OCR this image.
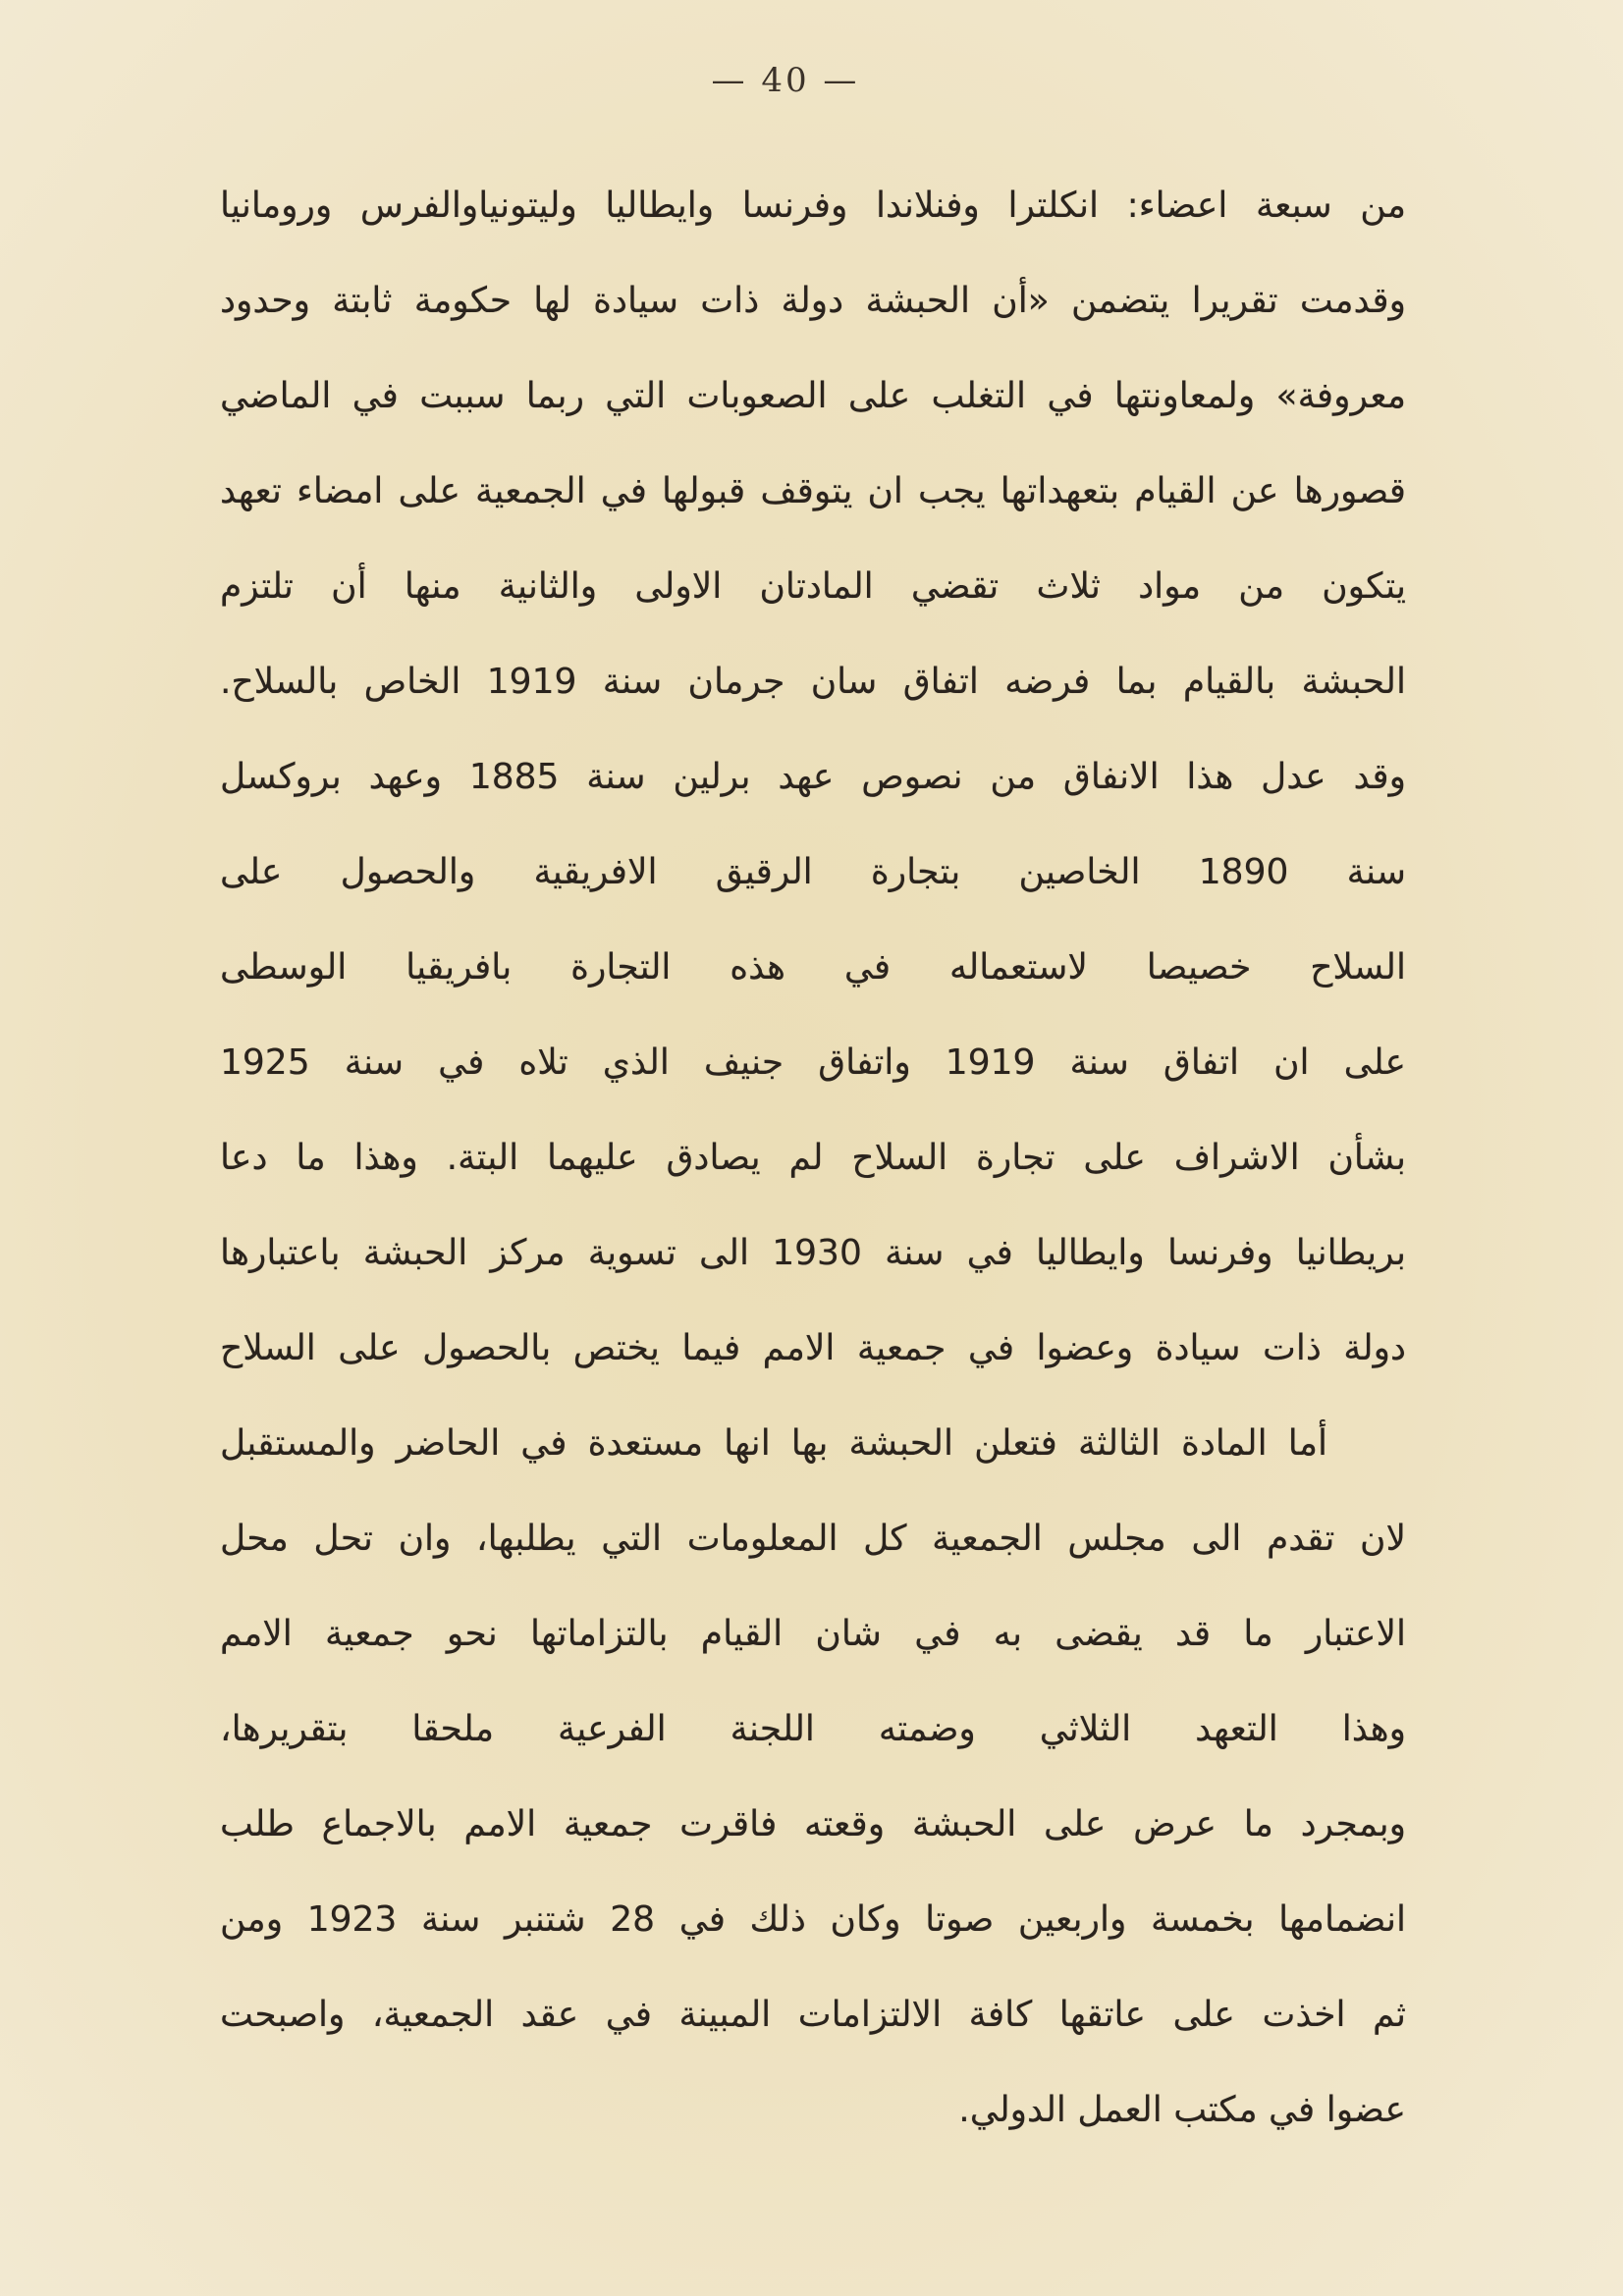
— 40 —
من سبعة اعضاء: انكلترا وفنلاندا وفرنسا وايطاليا وليتونياوالفرس ورومانيا
وقدمت تقريرا يتضمن «أن الحبشة دولة ذات سيادة لها حكومة ثابتة وحدود
معروفة» ولمعاونتها في التغلب على الصعوبات التي ربما سببت في الماضي
قصورها عن القيام بتعهداتها يجب ان يتوقف قبولها في الجمعية على امضاء تعهد
يتكون من مواد ثلاث تقضي المادتان الاولى والثانية منها أن تلتزم
الحبشة بالقيام بما فرضه اتفاق سان جرمان سنة 1919 الخاص بالسلاح.
وقد عدل هذا الانفاق من نصوص عهد برلين سنة 1885 وعهد بروكسل
سنة 1890 الخاصين بتجارة الرقيق الافريقية والحصول على
السلاح خصيصا لاستعماله في هذه التجارة بافريقيا الوسطى
على ان اتفاق سنة 1919 واتفاق جنيف الذي تلاه في سنة 1925
بشأن الاشراف على تجارة السلاح لم يصادق عليهما البتة. وهذا ما دعا
بريطانيا وفرنسا وايطاليا في سنة 1930 الى تسوية مركز الحبشة باعتبارها
دولة ذات سيادة وعضوا في جمعية الامم فيما يختص بالحصول على السلاح
أما المادة الثالثة فتعلن الحبشة بها انها مستعدة في الحاضر والمستقبل
لان تقدم الى مجلس الجمعية كل المعلومات التي يطلبها، وان تحل محل
الاعتبار ما قد يقضى به في شان القيام بالتزاماتها نحو جمعية الامم
وهذا التعهد الثلاثي وضمته اللجنة الفرعية ملحقا بتقريرها،
وبمجرد ما عرض على الحبشة وقعته فاقرت جمعية الامم بالاجماع طلب
انضمامها بخمسة واربعين صوتا وكان ذلك في 28 شتنبر سنة 1923 ومن
ثم اخذت على عاتقها كافة الالتزامات المبينة في عقد الجمعية، واصبحت
عضوا في مكتب العمل الدولي.
